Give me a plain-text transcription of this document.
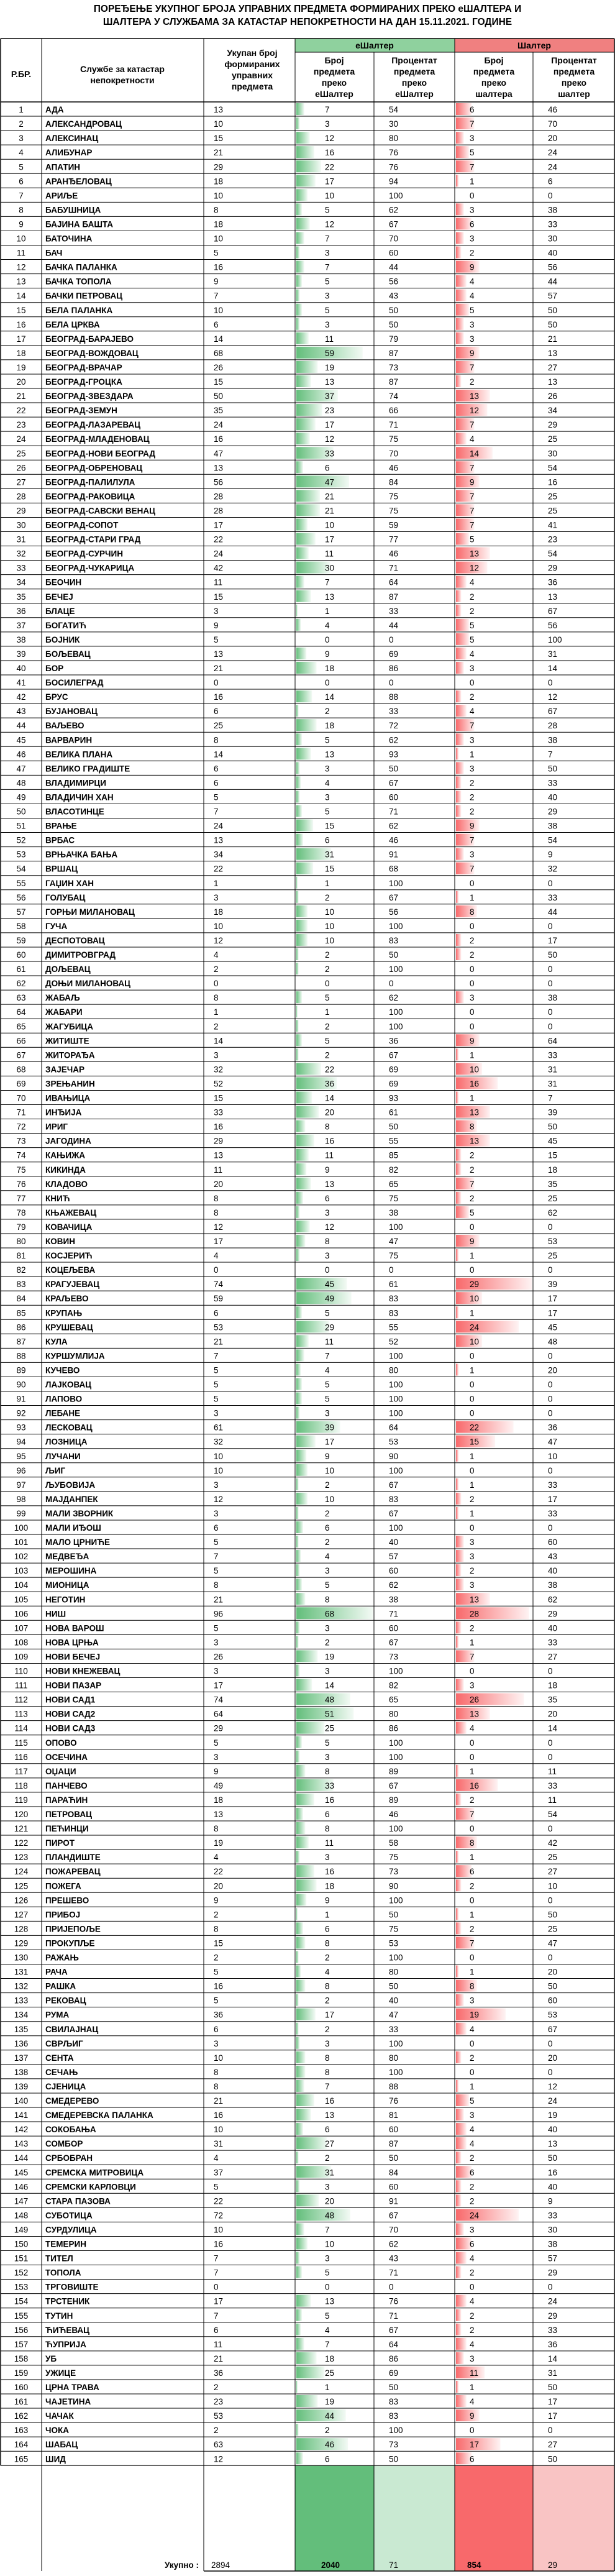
ПОРЕЂЕЊЕ УКУПНОГ БРОЈА УПРАВНИХ ПРЕДМЕТА ФОРМИРАНИХ ПРЕКО еШАЛТЕРА И
ШАЛТЕРА У СЛУЖБАМА ЗА КАТАСТАР НЕПОКРЕТНОСТИ НА ДАН 15.11.2021. ГОДИНЕ
Р.БР.	Службе за катастар
непокретности
Укупан број
формираних
управних
предмета
еШалтер	Шалтер
Број
предмета
преко
еШалтер
Процентат
предмета
преко
еШалтер
Број
предмета
преко
шалтера
Процентат
предмета
преко
шалтер
1	АДА	13	7	54	6	46
2	АЛЕКСАНДРОВАЦ	10	3	30	7	70
3	АЛЕКСИНАЦ	15	12	80	3	20
4	АЛИБУНАР	21	16	76	5	24
5	АПАТИН	29	22	76	7	24
6	АРАНЂЕЛОВАЦ	18	17	94	1	6
7	АРИЉЕ	10	10	100	0	0
8	БАБУШНИЦА	8	5	62	3	38
9	БАЈИНА БАШТА	18	12	67	6	33
10 БАТОЧИНА	10	7	70	3	30
11 БАЧ	5	3	60	2	40
12 БАЧКА ПАЛАНКА	16	7	44	9	56
13 БАЧКА ТОПОЛА	9	5	56	4	44
14 БАЧКИ ПЕТРОВАЦ	7	3	43	4	57
15 БЕЛА ПАЛАНКА	10	5	50	5	50
16 БЕЛА ЦРКВА	6	3	50	3	50
17 БЕОГРАД-БАРАЈЕВО	14	11	79	3	21
18 БЕОГРАД-ВОЖДОВАЦ	68	59	87	9	13
19 БЕОГРАД-ВРАЧАР	26	19	73	7	27
20 БЕОГРАД-ГРОЦКА	15	13	87	2	13
21 БЕОГРАД-ЗВЕЗДАРА	50	37	74	13	26
22 БЕОГРАД-ЗЕМУН	35	23	66	12	34
23 БЕОГРАД-ЛАЗАРЕВАЦ	24	17	71	7	29
24 БЕОГРАД-МЛАДЕНОВАЦ	16	12	75	4	25
25 БЕОГРАД-НОВИ БЕОГРАД	47	33	70	14	30
26 БЕОГРАД-ОБРЕНОВАЦ	13	6	46	7	54
27 БЕОГРАД-ПАЛИЛУЛА	56	47	84	9	16
28 БЕОГРАД-РАКОВИЦА	28	21	75	7	25
29 БЕОГРАД-САВСКИ ВЕНАЦ	28	21	75	7	25
30 БЕОГРАД-СОПОТ	17	10	59	7	41
31 БЕОГРАД-СТАРИ ГРАД	22	17	77	5	23
32 БЕОГРАД-СУРЧИН	24	11	46	13	54
33 БЕОГРАД-ЧУКАРИЦА	42	30	71	12	29
34 БЕОЧИН	11	7	64	4	36
35 БЕЧЕЈ	15	13	87	2	13
36 БЛАЦЕ	3	1	33	2	67
37 БОГАТИЋ	9	4	44	5	56
38 БОЈНИК	5	0	0	5	100
39 БОЉЕВАЦ	13	9	69	4	31
40 БОР	21	18	86	3	14
41 БОСИЛЕГРАД	0	0	0	0	0
42 БРУС	16	14	88	2	12
43 БУЈАНОВАЦ	6	2	33	4	67
44 ВАЉЕВО	25	18	72	7	28
45 ВАРВАРИН	8	5	62	3	38
46 ВЕЛИКА ПЛАНА	14	13	93	1	7
47 ВЕЛИКО ГРАДИШТЕ	6	3	50	3	50
48 ВЛАДИМИРЦИ	6	4	67	2	33
49 ВЛАДИЧИН ХАН	5	3	60	2	40
50 ВЛАСОТИНЦЕ	7	5	71	2	29
51 ВРАЊЕ	24	15	62	9	38
52 ВРБАС	13	6	46	7	54
53 ВРЊАЧКА БАЊА	34	31	91	3	9
54 ВРШАЦ	22	15	68	7	32
55 ГАЏИН ХАН	1	1	100	0	0
56 ГОЛУБАЦ	3	2	67	1	33
57 ГОРЊИ МИЛАНОВАЦ	18	10	56	8	44
58 ГУЧА	10	10	100	0	0
59 ДЕСПОТОВАЦ	12	10	83	2	17
60 ДИМИТРОВГРАД	4	2	50	2	50
61 ДОЉЕВАЦ	2	2	100	0	0
62 ДОЊИ МИЛАНОВАЦ	0	0	0	0	0
63 ЖАБАЉ	8	5	62	3	38
64 ЖАБАРИ	1	1	100	0	0
65 ЖАГУБИЦА	2	2	100	0	0
66 ЖИТИШТЕ	14	5	36	9	64
67 ЖИТОРАЂА	3	2	67	1	33
68 ЗАЈЕЧАР	32	22	69	10	31
69 ЗРЕЊАНИН	52	36	69	16	31
70 ИВАЊИЦА	15	14	93	1	7
71 ИНЂИЈА	33	20	61	13	39
72 ИРИГ	16	8	50	8	50
73 ЈАГОДИНА	29	16	55	13	45
74 КАЊИЖА	13	11	85	2	15
75 КИКИНДА	11	9	82	2	18
76 КЛАДОВО	20	13	65	7	35
77 КНИЋ	8	6	75	2	25
78 КЊАЖЕВАЦ	8	3	38	5	62
79 КОВАЧИЦА	12	12	100	0	0
80 КОВИН	17	8	47	9	53
81 КОСЈЕРИЋ	4	3	75	1	25
82 КОЦЕЉЕВА	0	0	0	0	0
83 КРАГУЈЕВАЦ	74	45	61	29	39
84 КРАЉЕВО	59	49	83	10	17
85 КРУПАЊ	6	5	83	1	17
86 КРУШЕВАЦ	53	29	55	24	45
87 КУЛА	21	11	52	10	48
88 КУРШУМЛИЈА	7	7	100	0	0
89 КУЧЕВО	5	4	80	1	20
90 ЛАЈКОВАЦ	5	5	100	0	0
91 ЛАПОВО	5	5	100	0	0
92 ЛЕБАНЕ	3	3	100	0	0
93 ЛЕСКОВАЦ	61	39	64	22	36
94 ЛОЗНИЦА	32	17	53	15	47
95 ЛУЧАНИ	10	9	90	1	10
96 ЉИГ	10	10	100	0	0
97 ЉУБОВИЈА	3	2	67	1	33
98 МАЈДАНПЕК	12	10	83	2	17
99 МАЛИ ЗВОРНИК	3	2	67	1	33
100 МАЛИ ИЂОШ	6	6	100	0	0
101 МАЛО ЦРНИЋЕ	5	2	40	3	60
102 МЕДВЕЂА	7	4	57	3	43
103 МЕРОШИНА	5	3	60	2	40
104 МИОНИЦА	8	5	62	3	38
105 НЕГОТИН	21	8	38	13	62
106 НИШ	96	68	71	28	29
107 НОВА ВАРОШ	5	3	60	2	40
108 НОВА ЦРЊА	3	2	67	1	33
109 НОВИ БЕЧЕЈ	26	19	73	7	27
110 НОВИ КНЕЖЕВАЦ	3	3	100	0	0
111 НОВИ ПАЗАР	17	14	82	3	18
112 НОВИ САД1	74	48	65	26	35
113 НОВИ САД2	64	51	80	13	20
114 НОВИ САД3	29	25	86	4	14
115 ОПОВО	5	5	100	0	0
116 ОСЕЧИНА	3	3	100	0	0
117 ОЏАЦИ	9	8	89	1	11
118 ПАНЧЕВО	49	33	67	16	33
119 ПАРАЋИН	18	16	89	2	11
120 ПЕТРОВАЦ	13	6	46	7	54
121 ПЕЋИНЦИ	8	8	100	0	0
122 ПИРОТ	19	11	58	8	42
123 ПЛАНДИШТЕ	4	3	75	1	25
124 ПОЖАРЕВАЦ	22	16	73	6	27
125 ПОЖЕГА	20	18	90	2	10
126 ПРЕШЕВО	9	9	100	0	0
127 ПРИБОЈ	2	1	50	1	50
128 ПРИЈЕПОЉЕ	8	6	75	2	25
129 ПРОКУПЉЕ	15	8	53	7	47
130 РАЖАЊ	2	2	100	0	0
131 РАЧА	5	4	80	1	20
132 РАШКА	16	8	50	8	50
133 РЕКОВАЦ	5	2	40	3	60
134 РУМА	36	17	47	19	53
135 СВИЛАЈНАЦ	6	2	33	4	67
136 СВРЉИГ	3	3	100	0	0
137 СЕНТА	10	8	80	2	20
138 СЕЧАЊ	8	8	100	0	0
139 СЈЕНИЦА	8	7	88	1	12
140 СМЕДЕРЕВО	21	16	76	5	24
141 СМЕДЕРЕВСКА ПАЛАНКА	16	13	81	3	19
142 СОКОБАЊА	10	6	60	4	40
143 СОМБОР	31	27	87	4	13
144 СРБОБРАН	4	2	50	2	50
145 СРЕМСКА МИТРОВИЦА	37	31	84	6	16
146 СРЕМСКИ КАРЛОВЦИ	5	3	60	2	40
147 СТАРА ПАЗОВА	22	20	91	2	9
148 СУБОТИЦА	72	48	67	24	33
149 СУРДУЛИЦА	10	7	70	3	30
150 ТЕМЕРИН	16	10	62	6	38
151 ТИТЕЛ	7	3	43	4	57
152 ТОПОЛА	7	5	71	2	29
153 ТРГОВИШТЕ	0	0	0	0	0
154 ТРСТЕНИК	17	13	76	4	24
155 ТУТИН	7	5	71	2	29
156 ЋИЋЕВАЦ	6	4	67	2	33
157 ЋУПРИЈА	11	7	64	4	36
158 УБ	21	18	86	3	14
159 УЖИЦЕ	36	25	69	11	31
160 ЦРНА ТРАВА	2	1	50	1	50
161 ЧАЈЕТИНА	23	19	83	4	17
162 ЧАЧАК	53	44	83	9	17
163 ЧОКА	2	2	100	0	0
164 ШАБАЦ	63	46	73	17	27
165 ШИД	12	6	50	6	50
Укупно : 2894	2040	71	854	29
